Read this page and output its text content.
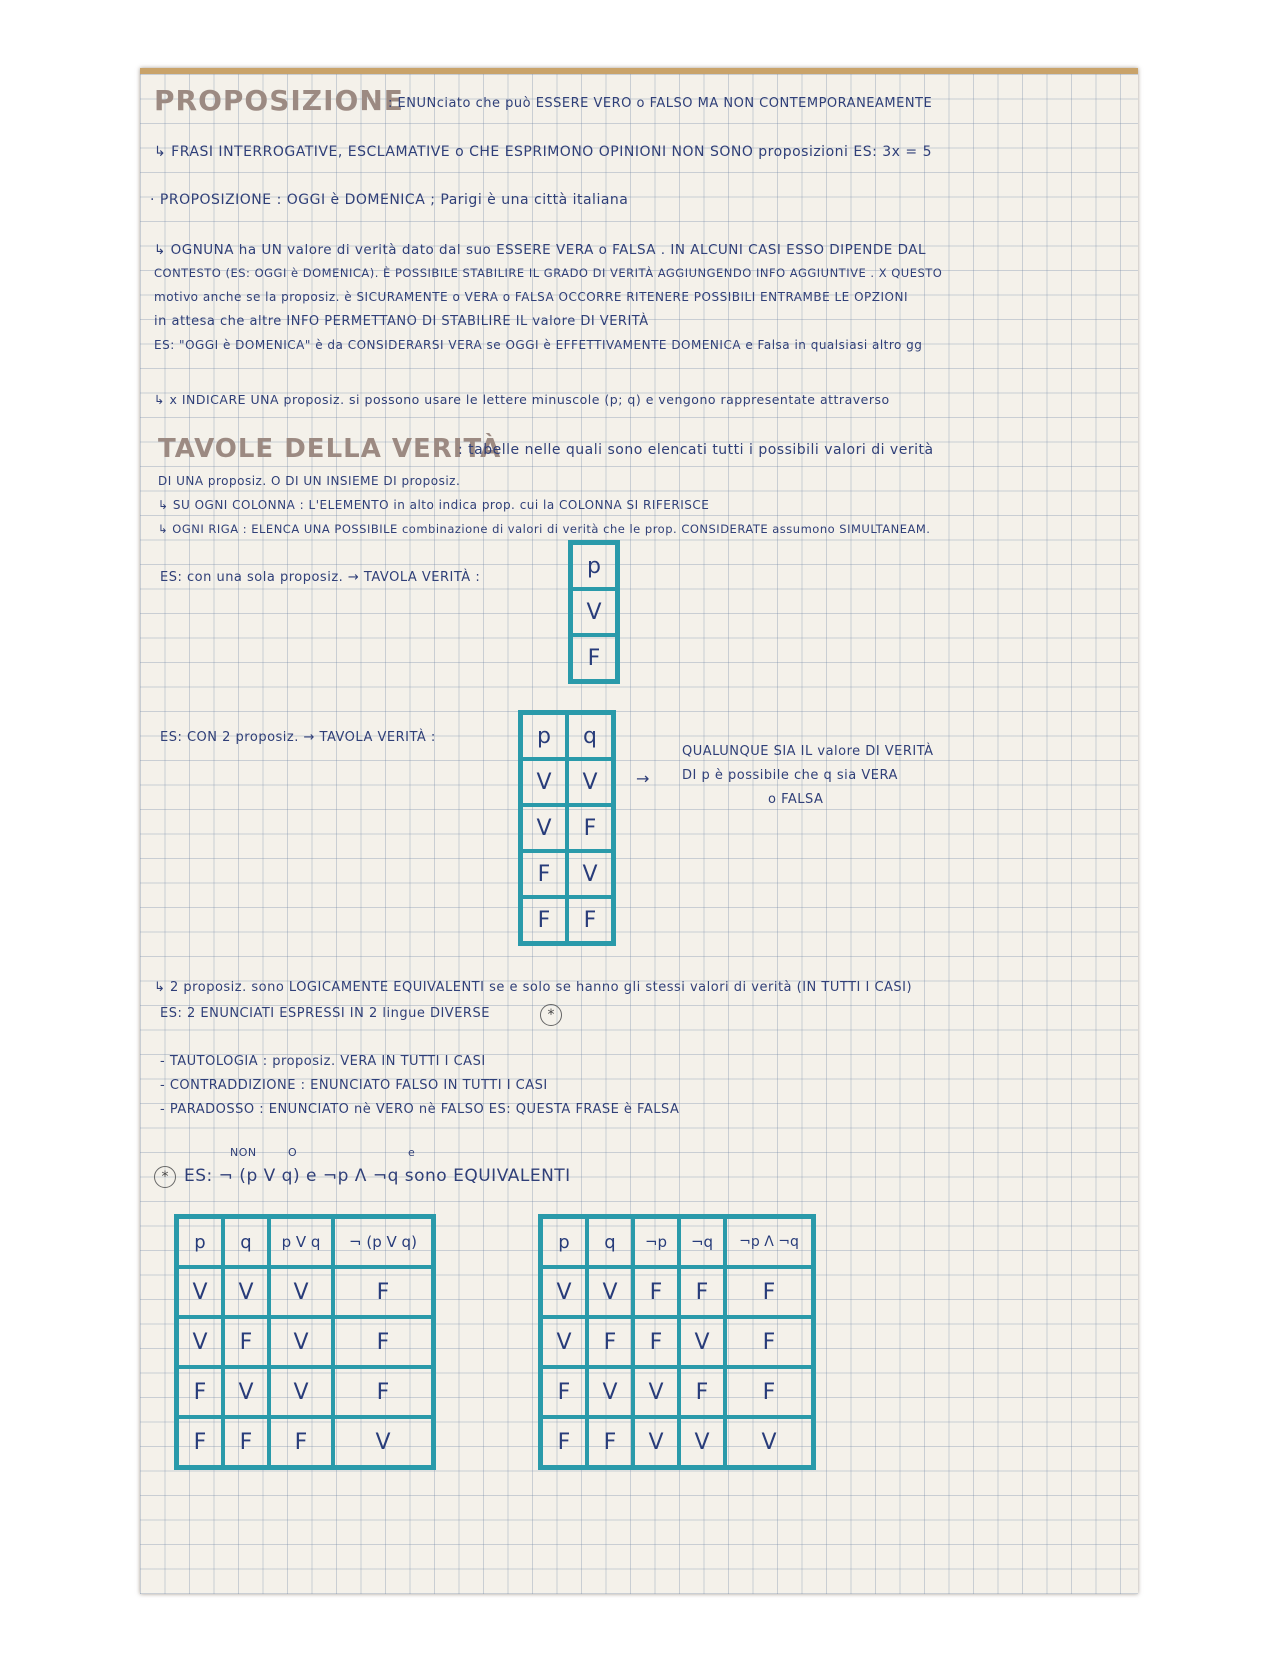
PROPOSIZIONE
: ENUNciato che può ESSERE VERO o FALSO MA NON CONTEMPORANEAMENTE
↳ FRASI INTERROGATIVE, ESCLAMATIVE o CHE ESPRIMONO OPINIONI NON SONO proposizioni ES: 3x = 5
· PROPOSIZIONE : OGGI è DOMENICA ; Parigi è una città italiana
↳ OGNUNA ha UN valore di verità dato dal suo ESSERE VERA o FALSA . IN ALCUNI CASI ESSO DIPENDE DAL
CONTESTO (ES: OGGI è DOMENICA). È POSSIBILE STABILIRE IL GRADO DI VERITÀ AGGIUNGENDO INFO AGGIUNTIVE . X QUESTO
motivo anche se la proposiz. è SICURAMENTE o VERA o FALSA OCCORRE RITENERE POSSIBILI ENTRAMBE LE OPZIONI
in attesa che altre INFO PERMETTANO DI STABILIRE IL valore DI VERITÀ
ES: "OGGI è DOMENICA" è da CONSIDERARSI VERA se OGGI è EFFETTIVAMENTE DOMENICA e Falsa in qualsiasi altro gg
↳ x INDICARE UNA proposiz. si possono usare le lettere minuscole (p; q) e vengono rappresentate attraverso
TAVOLE DELLA VERITÀ
: tabelle nelle quali sono elencati tutti i possibili valori di verità
DI UNA proposiz. O DI UN INSIEME DI proposiz.
↳ SU OGNI COLONNA : L'ELEMENTO in alto indica prop. cui la COLONNA SI RIFERISCE
↳ OGNI RIGA : ELENCA UNA POSSIBILE combinazione di valori di verità che le prop. CONSIDERATE assumono SIMULTANEAM.
ES: con una sola proposiz. → TAVOLA VERITÀ :	p
V
F
ES: CON 2 proposiz. → TAVOLA VERITÀ :	p	q
V	V
V	F
F	V
F	F
→
QUALUNQUE SIA IL valore DI VERITÀ
DI p è possibile che q sia VERA
o FALSA
↳ 2 proposiz. sono LOGICAMENTE EQUIVALENTI se e solo se hanno gli stessi valori di verità (IN TUTTI I CASI)
ES: 2 ENUNCIATI ESPRESSI IN 2 lingue DIVERSE	*
- TAUTOLOGIA : proposiz. VERA IN TUTTI I CASI
- CONTRADDIZIONE : ENUNCIATO FALSO IN TUTTI I CASI
- PARADOSSO : ENUNCIATO nè VERO nè FALSO ES: QUESTA FRASE è FALSA
NON	O	e
* ES: ¬ (p V q) e ¬p Λ ¬q sono EQUIVALENTI
p	q	p V q	¬ (p V q)
V	V	V	F
V	F	V	F
F	V	V	F
F	F	F	V
p	q	¬p	¬q	¬p Λ ¬q
V	V	F	F	F
V	F	F	V	F
F	V	V	F	F
F	F	V	V	V
